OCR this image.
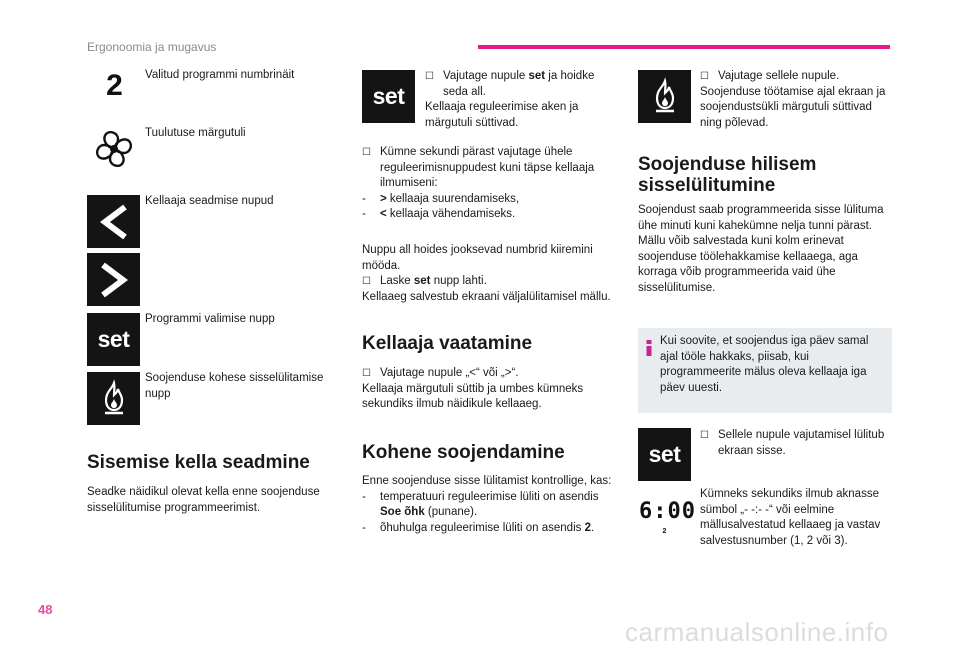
Ergonoomia ja mugavus
2 Valitud programmi numbrinäit
Tuulutuse märgutuli
Kellaaja seadmise nupud
set
Programmi valimise nupp
Soojenduse kohese sisselülitamise nupp
Sisemise kella seadmine
Seadke näidikul olevat kella enne soojenduse sisselülitumise programmeerimist.
set
☐ Vajutage nupule set ja hoidke seda all.

Kellaaja reguleerimise aken ja märgutuli süttivad.

☐ Kümne sekundi pärast vajutage ühele reguleerimisnuppudest kuni täpse kellaaja ilmumiseni:

-	> kellaaja suurendamiseks,

-	< kellaaja vähendamiseks.

Nuppu all hoides jooksevad numbrid kiiremini mööda.

☐ Laske set nupp lahti.

Kellaaeg salvestub ekraani väljalülitamisel mällu.

Kellaaja vaatamine
☐ Vajutage nupule „<“ või „>“.

Kellaaja märgutuli süttib ja umbes kümneks sekundiks ilmub näidikule kellaaeg.

Kohene soojendamine

Enne soojenduse sisse lülitamist kontrollige, kas:

-	temperatuuri reguleerimise lüliti on asendis Soe õhk (punane).

-	õhuhulga reguleerimise lüliti on asendis 2.

☐ Vajutage sellele nupule.

Soojenduse töötamise ajal ekraan ja soojendustsükli märgutuli süttivad ning põlevad.

Soojenduse hilisem sisselülitumine

Soojendust saab programmeerida sisse lülituma ühe minuti kuni kahekümne nelja tunni pärast.

Mällu võib salvestada kuni kolm erinevat soojenduse töölehakkamise kellaaega, aga korraga võib programmeerida vaid ühe sisselülitumise.

Kui soovite, et soojendus iga päev samal ajal tööle hakkaks, piisab, kui programmeerite mälus oleva kellaaja iga päev uuesti.
set
☐ Sellele nupule vajutamisel lülitub ekraan sisse.

6:00
2
Kümneks sekundiks ilmub aknasse sümbol „- -:- -“ või eelmine mällusalvestatud kellaaeg ja vastav salvestusnumber (1, 2 või 3).
48
carmanualsonline.info
